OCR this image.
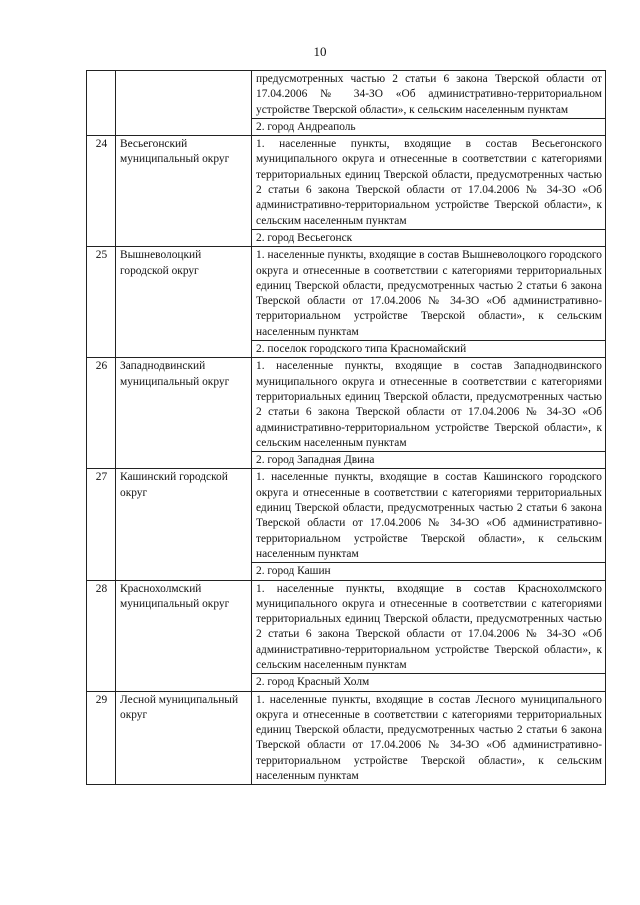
10
		предусмотренных частью 2 статьи 6 закона Тверской области от 17.04.2006 № 34-ЗО «Об административно-территориальном устройстве Тверской области», к сельским населенным пунктам
		2. город Андреаполь
24	Весьегонский муниципальный округ	1. населенные пункты, входящие в состав Весьегонского муниципального округа и отнесенные в соответствии с категориями территориальных единиц Тверской области, предусмотренных частью 2 статьи 6 закона Тверской области от 17.04.2006 № 34-ЗО «Об административно-территориальном устройстве Тверской области», к сельским населенным пунктам
		2. город Весьегонск
25	Вышневолоцкий городской округ	1. населенные пункты, входящие в состав Вышневолоцкого городского округа и отнесенные в соответствии с категориями территориальных единиц Тверской области, предусмотренных частью 2 статьи 6 закона Тверской области от 17.04.2006 № 34-ЗО «Об административно-территориальном устройстве Тверской области», к сельским населенным пунктам
		2. поселок городского типа Красномайский
26	Западнодвинский муниципальный округ	1. населенные пункты, входящие в состав Западнодвинского муниципального округа и отнесенные в соответствии с категориями территориальных единиц Тверской области, предусмотренных частью 2 статьи 6 закона Тверской области от 17.04.2006 № 34-ЗО «Об административно-территориальном устройстве Тверской области», к сельским населенным пунктам
		2. город Западная Двина
27	Кашинский городской округ	1. населенные пункты, входящие в состав Кашинского городского округа и отнесенные в соответствии с категориями территориальных единиц Тверской области, предусмотренных частью 2 статьи 6 закона Тверской области от 17.04.2006 № 34-ЗО «Об административно-территориальном устройстве Тверской области», к сельским населенным пунктам
		2. город Кашин
28	Краснохолмский муниципальный округ	1. населенные пункты, входящие в состав Краснохолмского муниципального округа и отнесенные в соответствии с категориями территориальных единиц Тверской области, предусмотренных частью 2 статьи 6 закона Тверской области от 17.04.2006 № 34-ЗО «Об административно-территориальном устройстве Тверской области», к сельским населенным пунктам
		2. город Красный Холм
29	Лесной муниципальный округ	1. населенные пункты, входящие в состав Лесного муниципального округа и отнесенные в соответствии с категориями территориальных единиц Тверской области, предусмотренных частью 2 статьи 6 закона Тверской области от 17.04.2006 № 34-ЗО «Об административно-территориальном устройстве Тверской области», к сельским населенным пунктам
